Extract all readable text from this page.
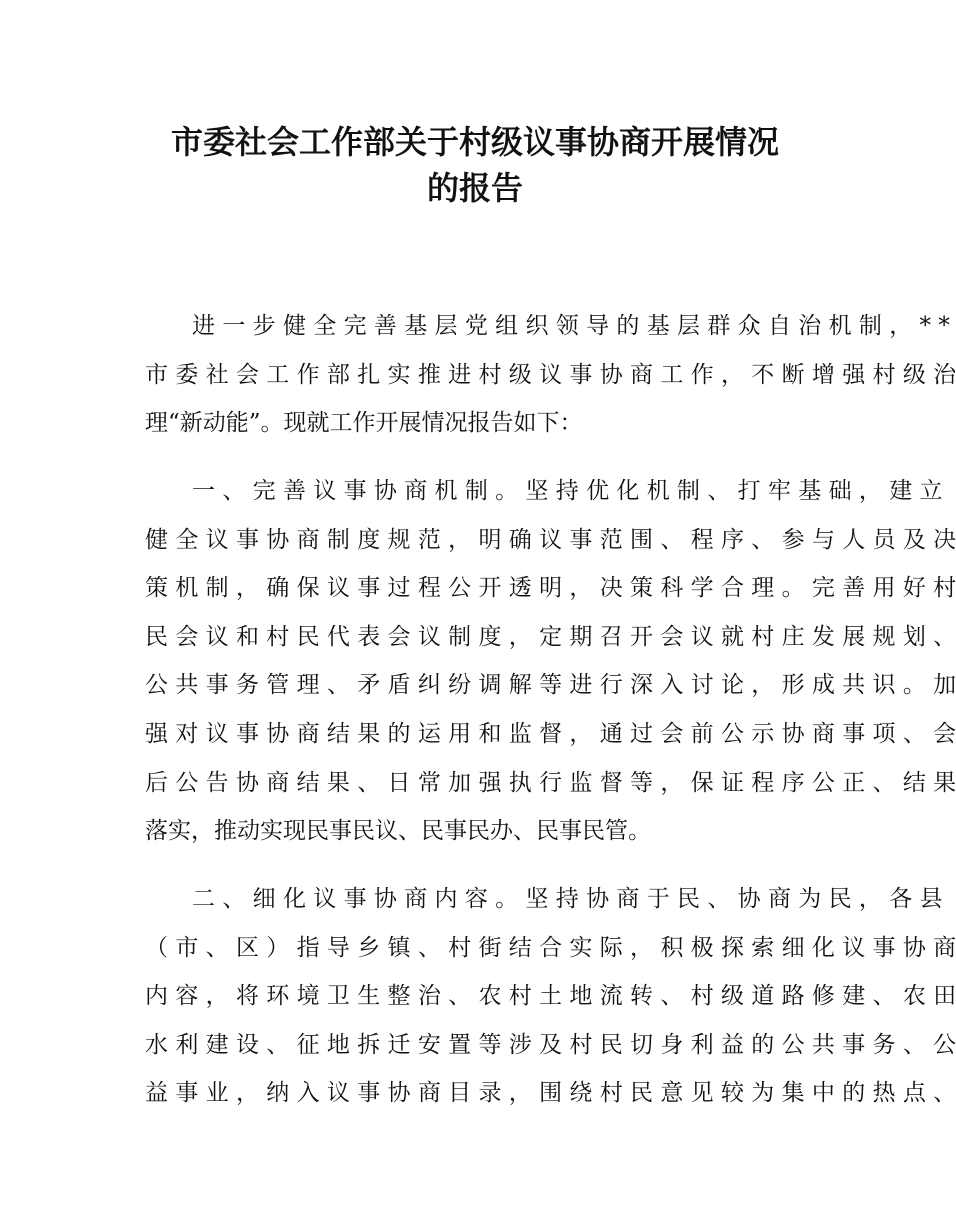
市委社会工作部关于村级议事协商开展情况
的报告
进 一 步 健 全 完 善 基 层 党 组 织 领 导 的 基 层 群 众 自 治 机 制 ， * *
市 委 社 会 工 作 部 扎 实 推 进 村 级 议 事 协 商 工 作 ， 不 断 增 强 村 级 治
理“新动能”。现就工作开展情况报告如下：
一 、 完 善 议 事 协 商 机 制 。 坚 持 优 化 机 制 、 打 牢 基 础 ， 建 立
健 全 议 事 协 商 制 度 规 范 ， 明 确 议 事 范 围 、 程 序 、 参 与 人 员 及 决
策 机 制 ， 确 保 议 事 过 程 公 开 透 明 ， 决 策 科 学 合 理 。 完 善 用 好 村
民 会 议 和 村 民 代 表 会 议 制 度 ， 定 期 召 开 会 议 就 村 庄 发 展 规 划 、
公 共 事 务 管 理 、 矛 盾 纠 纷 调 解 等 进 行 深 入 讨 论 ， 形 成 共 识 。 加
强 对 议 事 协 商 结 果 的 运 用 和 监 督 ， 通 过 会 前 公 示 协 商 事 项 、 会
后 公 告 协 商 结 果 、 日 常 加 强 执 行 监 督 等 ， 保 证 程 序 公 正 、 结 果
落实，推动实现民事民议、民事民办、民事民管。
二 、 细 化 议 事 协 商 内 容 。 坚 持 协 商 于 民 、 协 商 为 民 ， 各 县
（ 市 、 区 ） 指 导 乡 镇 、 村 街 结 合 实 际 ， 积 极 探 索 细 化 议 事 协 商
内 容 ， 将 环 境 卫 生 整 治 、 农 村 土 地 流 转 、 村 级 道 路 修 建 、 农 田
水 利 建 设 、 征 地 拆 迁 安 置 等 涉 及 村 民 切 身 利 益 的 公 共 事 务 、 公
益 事 业 ， 纳 入 议 事 协 商 目 录 ， 围 绕 村 民 意 见 较 为 集 中 的 热 点 、
